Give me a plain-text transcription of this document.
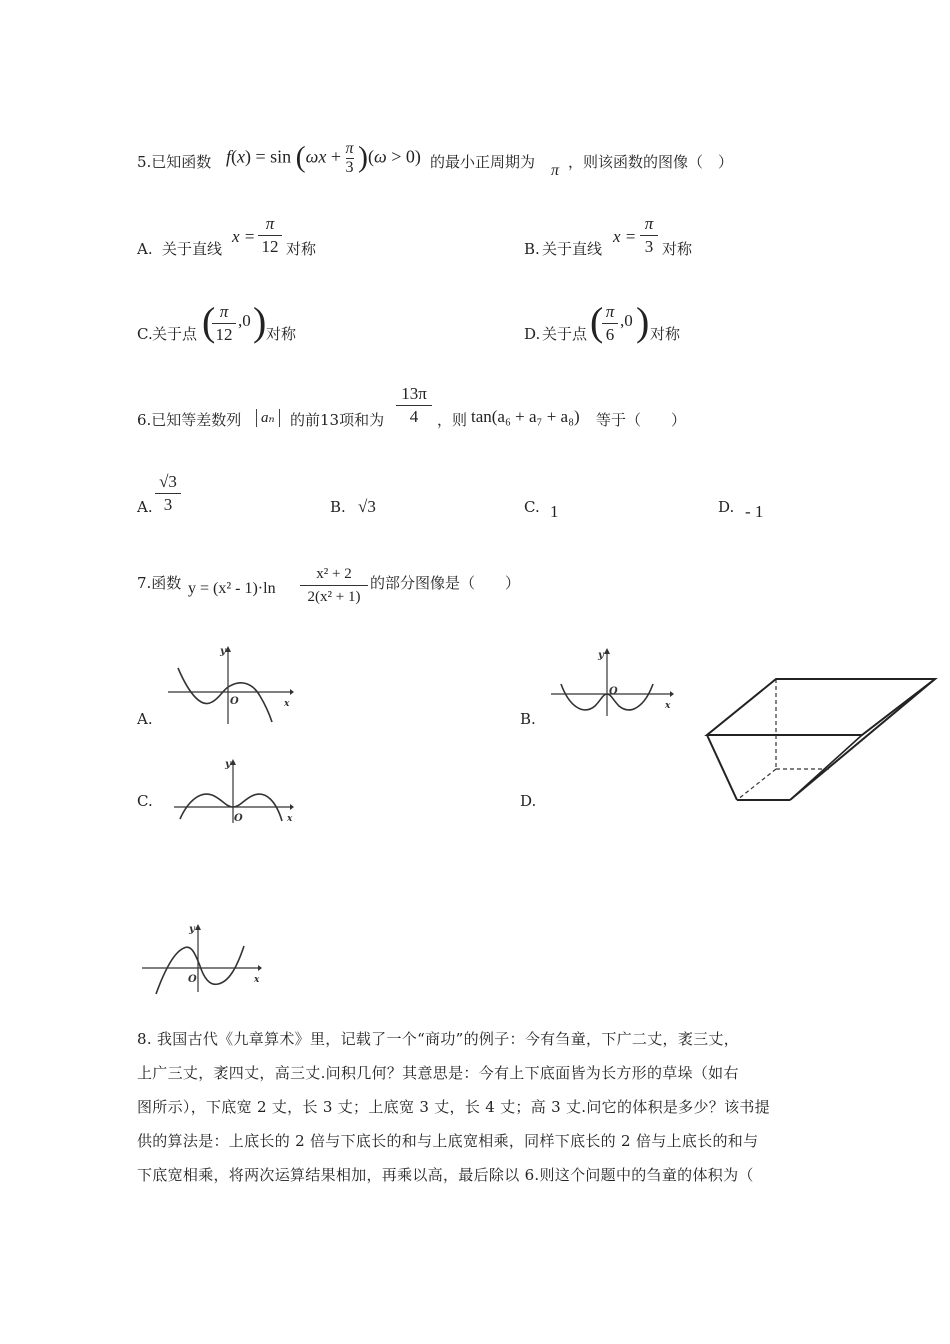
5.已知函数 $f(x) = \sin (\omega x + \frac{\pi}{3} )(\omega > 0)$ 的最小正周期为 π ，则该函数的图像（　）
A. 关于直线
x =
π
12 对称	B. 关于直线
x =
π
3 对称
C. 关于点 ( π
12
,0 ) 对称	D. 关于点 ( π
6
,0 ) 对称
6.已知等差数列	aₙ	的前13项和为
13π
4	，则 tan(a₆ + a₇ + a₈) 等于（　　）
A.
√3
3	B. √3	C. 1	D. - 1
7.函数 y = (x² - 1)·ln
x² + 2
2(x² + 1)
的部分图像是（　　）
A.	B.
C.	D.
y
O	x
y
O
x
y
O	x
y
O	x
8. 我国古代《九章算术》里，记载了一个“商功”的例子：今有刍童，下广二丈，袤三丈，
上广三丈，袤四丈，高三丈.问积几何？其意思是：今有上下底面皆为长方形的草垛（如右
图所示），下底宽 2 丈，长 3 丈；上底宽 3 丈，长 4 丈；高 3 丈.问它的体积是多少？该书提
供的算法是：上底长的 2 倍与下底长的和与上底宽相乘，同样下底长的 2 倍与上底长的和与
下底宽相乘，将两次运算结果相加，再乘以高，最后除以 6.则这个问题中的刍童的体积为（
